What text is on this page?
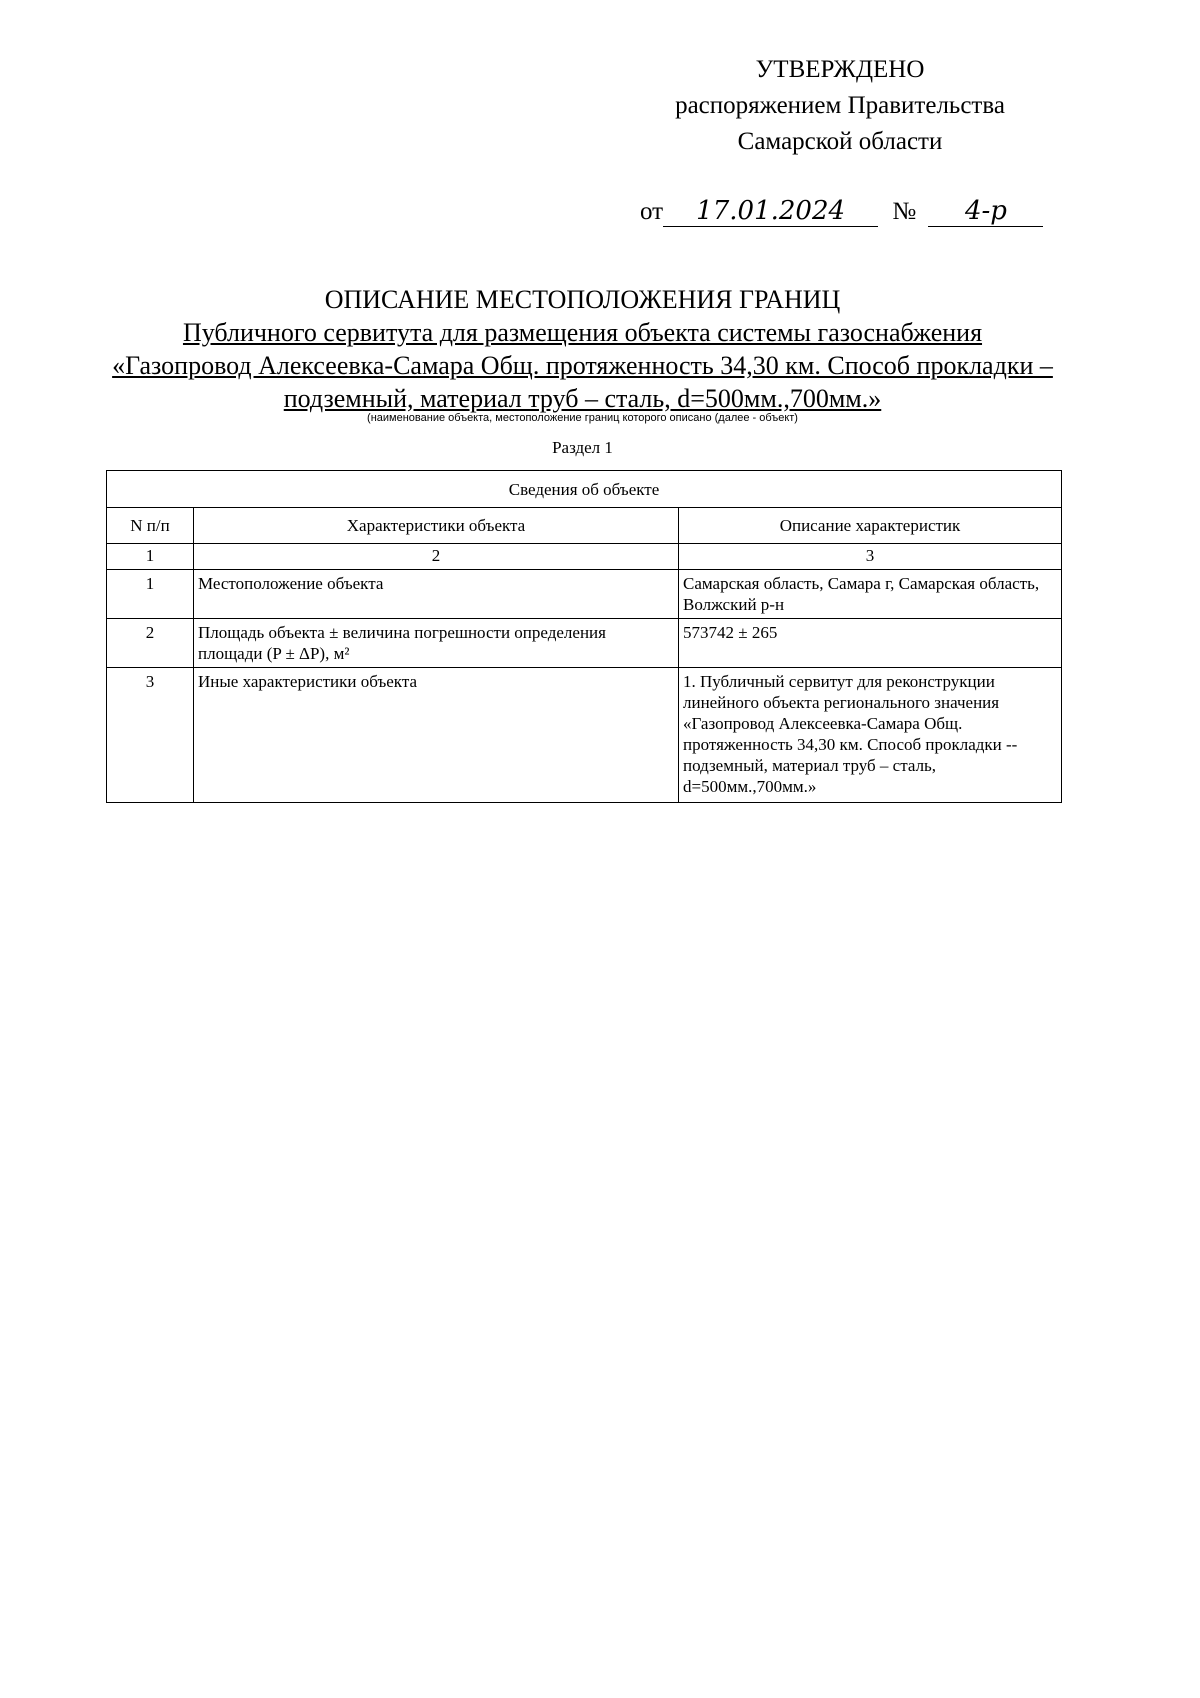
УТВЕРЖДЕНО
распоряжением Правительства
Самарской области
от 17.01.2024 № 4-р
ОПИСАНИЕ МЕСТОПОЛОЖЕНИЯ ГРАНИЦ
Публичного сервитута для размещения объекта системы газоснабжения
«Газопровод Алексеевка-Самара Общ. протяженность 34,30 км. Способ прокладки –
подземный, материал труб – сталь, d=500мм.,700мм.»
(наименование объекта, местоположение границ которого описано (далее - объект)
Раздел 1
Сведения об объекте		
N п/п	Характеристики объекта	Описание характеристик
1	2	3
1	Местоположение объекта	Самарская область, Самара г, Самарская область, Волжский р-н
2	Площадь объекта ± величина погрешности определения площади (P ± ΔP), м²	573742 ± 265
3	Иные характеристики объекта	1. Публичный сервитут для реконструкции линейного объекта регионального значения «Газопровод Алексеевка-Самара Общ. протяженность 34,30 км. Способ прокладки -- подземный, материал труб – сталь, d=500мм.,700мм.»
